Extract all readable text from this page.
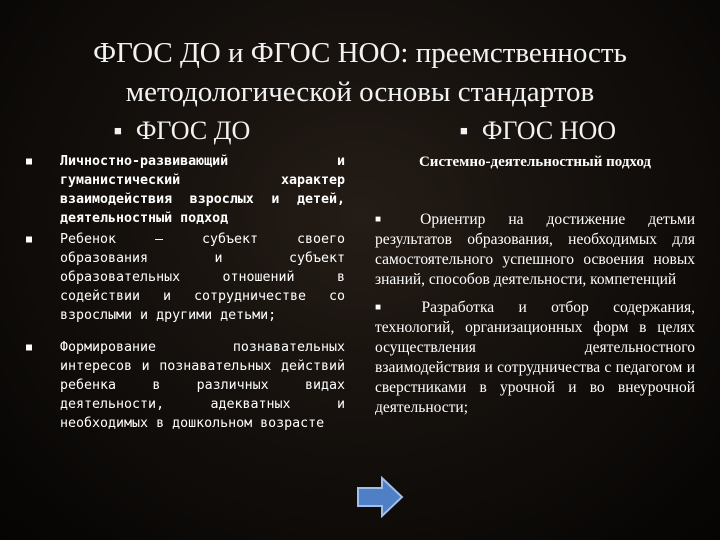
ФГОС ДО и ФГОС НОО: преемственность
методологической основы стандартов
■ ФГОС ДО	■ ФГОС НОО
■ Личностно-развивающий и гуманистический характер взаимодействия взрослых и детей, деятельностный подход
■ Ребенок – субъект своего образования и субъект образовательных отношений в содействии и сотрудничестве со взрослыми и другими детьми;
■ Формирование познавательных интересов и познавательных действий ребенка в различных видах деятельности, адекватных и необходимых в дошкольном возрасте
Системно-деятельностный подход
■ Ориентир на достижение детьми результатов образования, необходимых для самостоятельного успешного освоения новых знаний, способов деятельности, компетенций
■ Разработка и отбор содержания, технологий, организационных форм в целях осуществления деятельностного взаимодействия и сотрудничества с педагогом и сверстниками в урочной и во внеурочной деятельности;
